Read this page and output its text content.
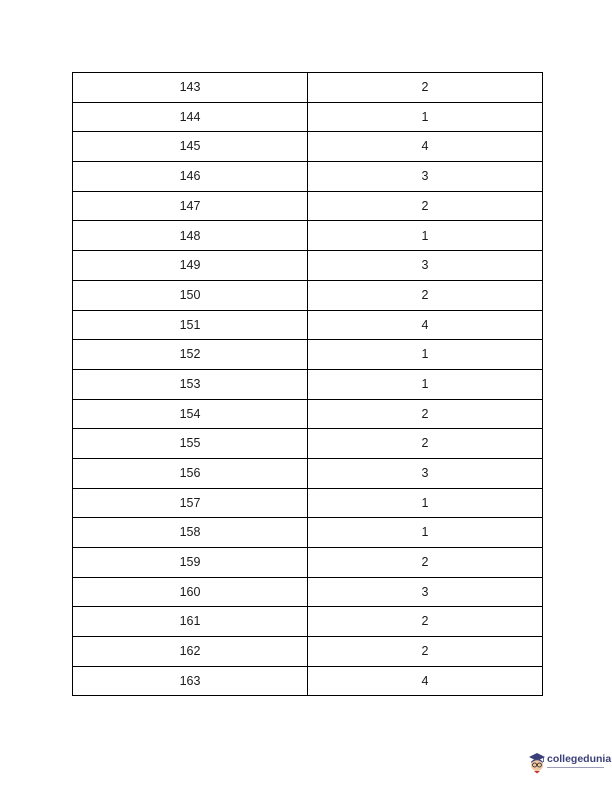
143	2
144	1
145	4
146	3
147	2
148	1
149	3
150	2
151	4
152	1
153	1
154	2
155	2
156	3
157	1
158	1
159	2
160	3
161	2
162	2
163	4
collegedunia
